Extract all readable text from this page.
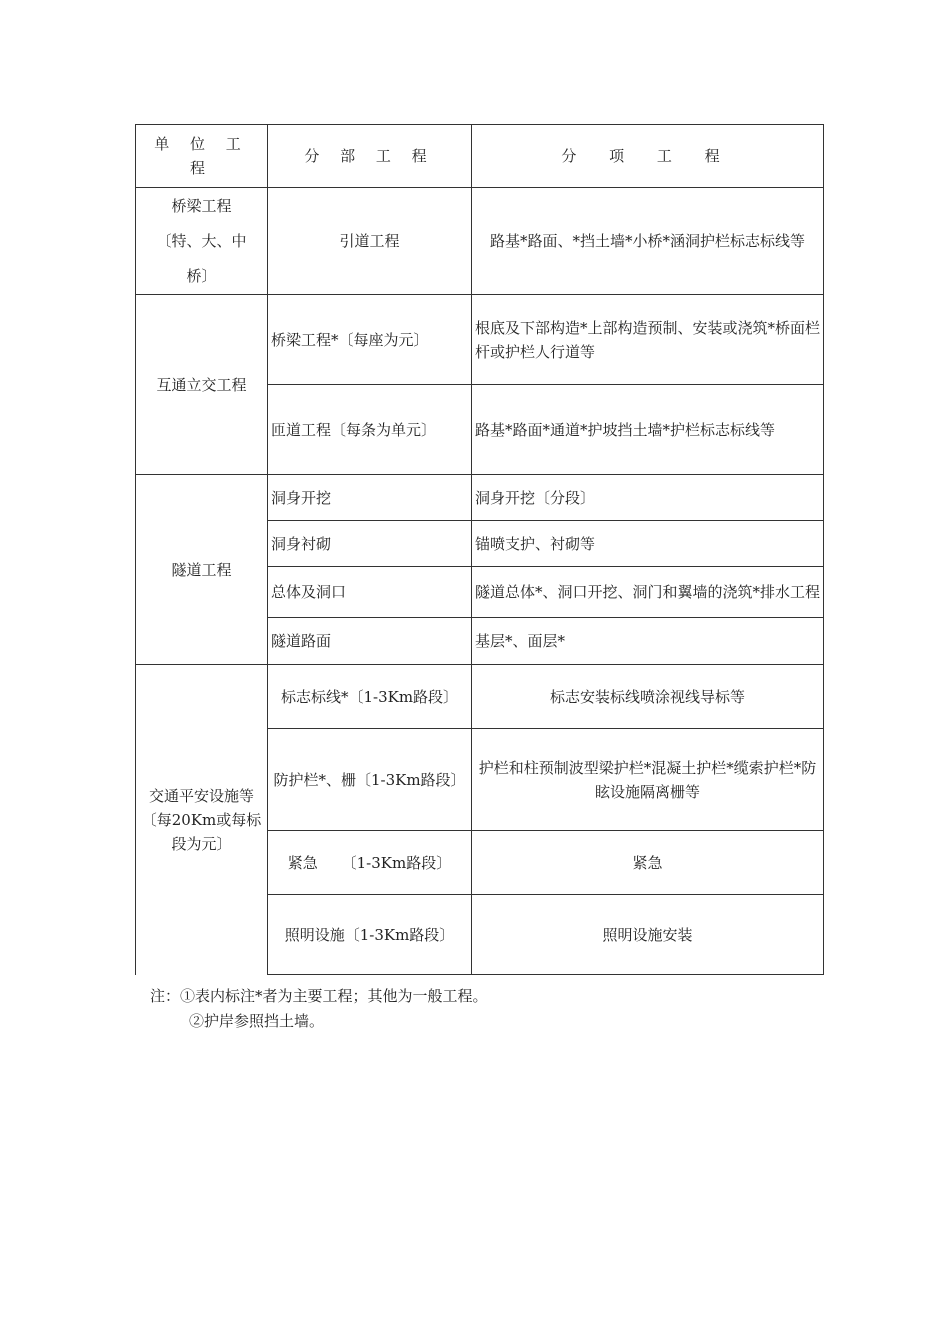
单 位 工 程	分 部 工 程	分 项 工 程

桥梁工程
〔特、大、中
桥〕	引道工程	路基*路面、*挡土墙*小桥*涵洞护栏标志标线等
互通立交工程	桥梁工程*〔每座为元〕	根底及下部构造*上部构造预制、安装或浇筑*桥面栏杆或护栏人行道等
	匝道工程〔每条为单元〕	路基*路面*通道*护坡挡土墙*护栏标志标线等
隧道工程	洞身开挖	洞身开挖〔分段〕
	洞身衬砌	锚喷支护、衬砌等
	总体及洞口	隧道总体*、洞口开挖、洞门和翼墙的浇筑*排水工程
	隧道路面	基层*、面层*

交通平安设施等
〔每20Km或每标
段为元〕	标志标线*〔1-3Km路段〕	标志安装标线喷涂视线导标等
	防护栏*、栅〔1-3Km路段〕	护栏和柱预制波型梁护栏*混凝土护栏*缆索护栏*防眩设施隔离栅等
	紧急     〔1-3Km路段〕	紧急
	照明设施〔1-3Km路段〕	照明设施安装
注：①表内标注*者为主要工程；其他为一般工程。
②护岸参照挡土墙。
